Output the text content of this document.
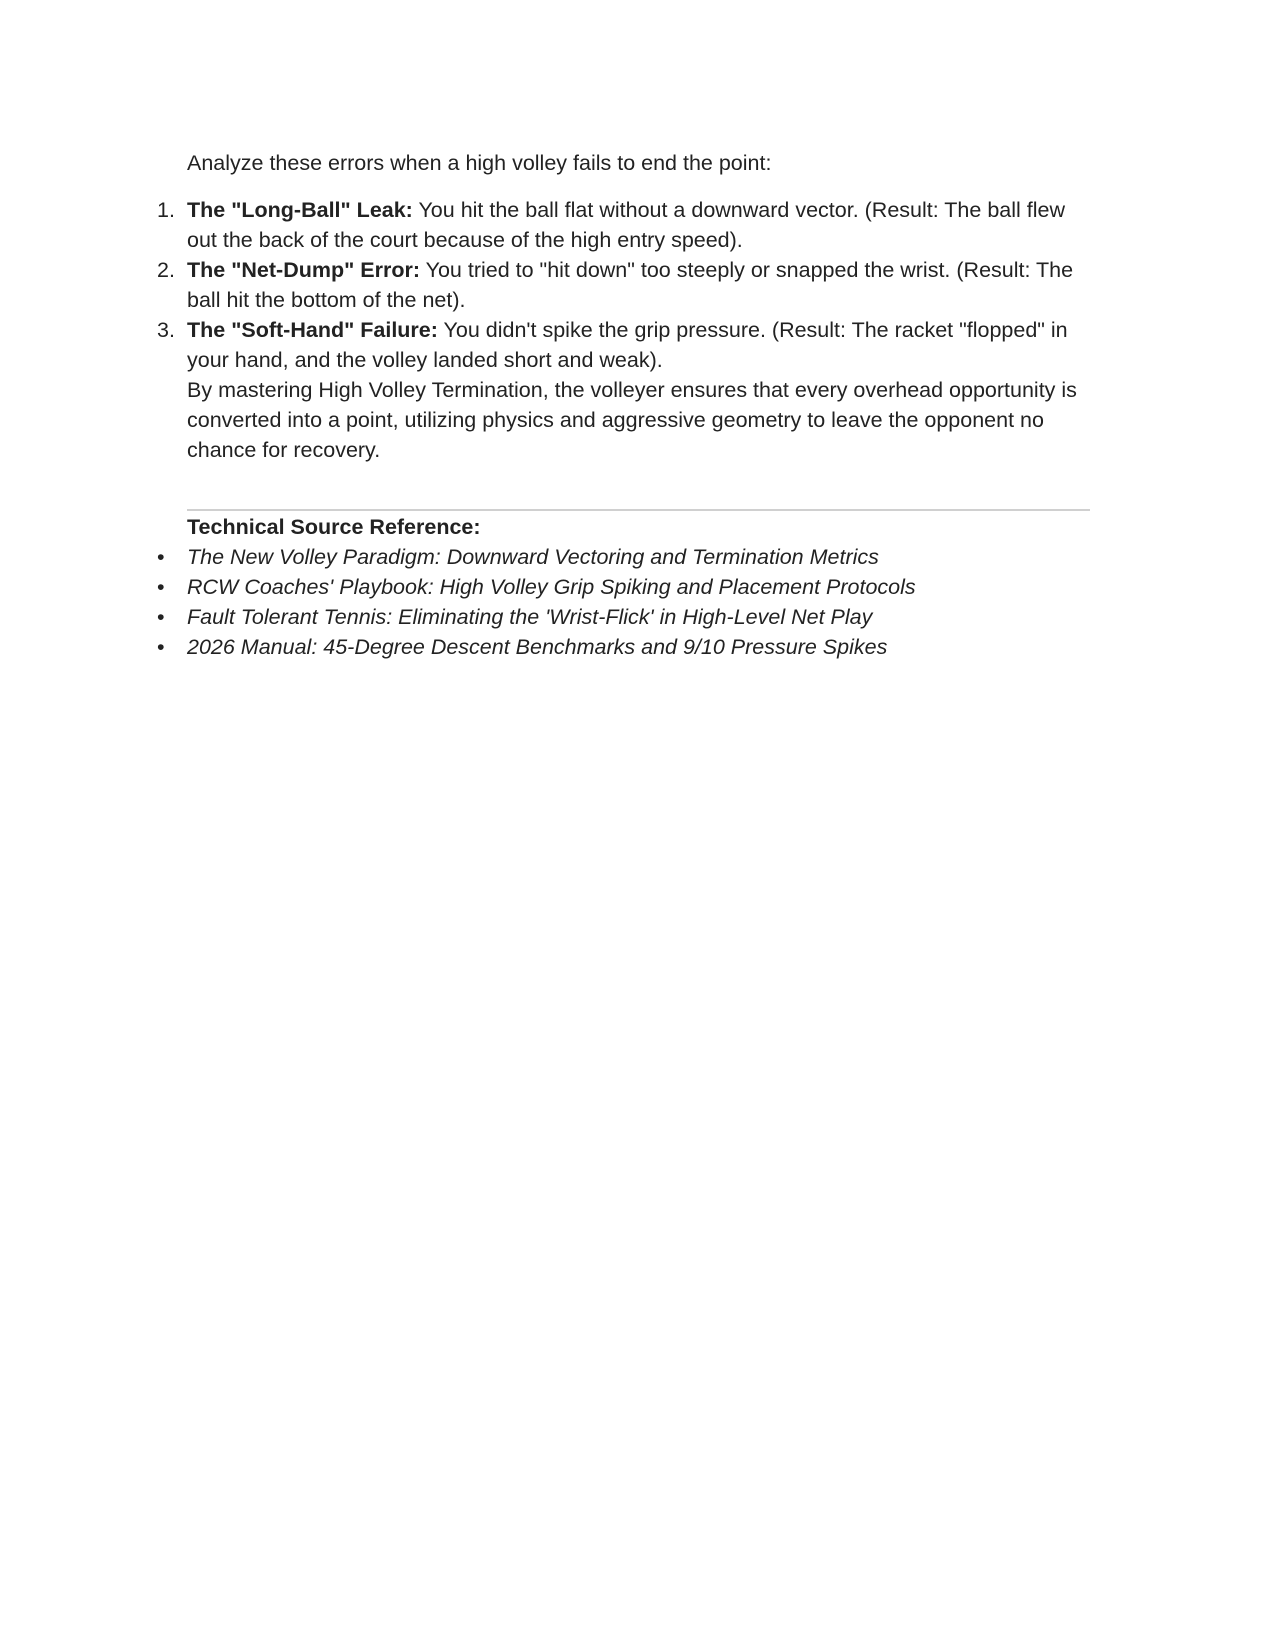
Analyze these errors when a high volley fails to end the point:

1. The "Long-Ball" Leak: You hit the ball flat without a downward vector. (Result: The ball flew out the back of the court because of the high entry speed).
2. The "Net-Dump" Error: You tried to "hit down" too steeply or snapped the wrist. (Result: The ball hit the bottom of the net).
3. The "Soft-Hand" Failure: You didn't spike the grip pressure. (Result: The racket "flopped" in your hand, and the volley landed short and weak).

By mastering High Volley Termination, the volleyer ensures that every overhead opportunity is converted into a point, utilizing physics and aggressive geometry to leave the opponent no chance for recovery.

Technical Source Reference:

• The New Volley Paradigm: Downward Vectoring and Termination Metrics
• RCW Coaches' Playbook: High Volley Grip Spiking and Placement Protocols
• Fault Tolerant Tennis: Eliminating the 'Wrist-Flick' in High-Level Net Play
• 2026 Manual: 45-Degree Descent Benchmarks and 9/10 Pressure Spikes
